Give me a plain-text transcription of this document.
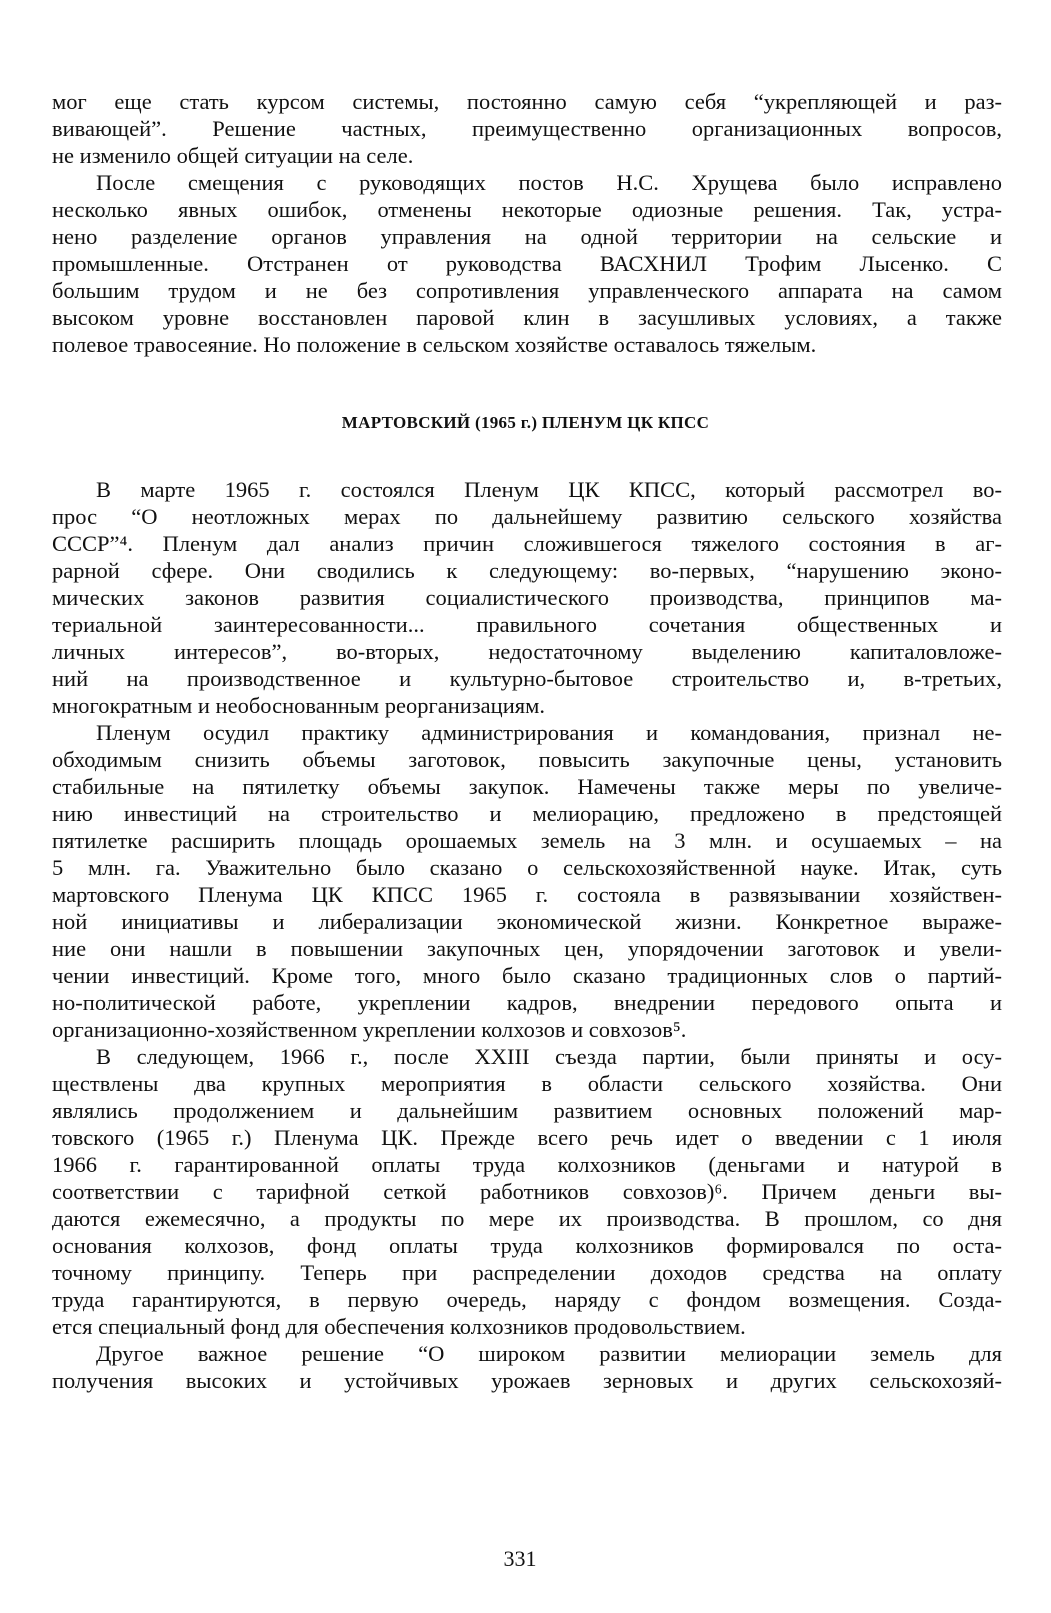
мог еще стать курсом системы, постоянно самую себя “укрепляющей и раз-
вивающей”. Решение частных, преимущественно организационных вопросов,
не изменило общей ситуации на селе.
После смещения с руководящих постов Н.С. Хрущева было исправлено
несколько явных ошибок, отменены некоторые одиозные решения. Так, устра-
нено разделение органов управления на одной территории на сельские и
промышленные. Отстранен от руководства ВАСХНИЛ Трофим Лысенко. С
большим трудом и не без сопротивления управленческого аппарата на самом
высоком уровне восстановлен паровой клин в засушливых условиях, а также
полевое травосеяние. Но положение в сельском хозяйстве оставалось тяжелым.
МАРТОВСКИЙ (1965 г.) ПЛЕНУМ ЦК КПСС
В марте 1965 г. состоялся Пленум ЦК КПСС, который рассмотрел во-
прос “О неотложных мерах по дальнейшему развитию сельского хозяйства
СССР”⁴. Пленум дал анализ причин сложившегося тяжелого состояния в аг-
рарной сфере. Они сводились к следующему: во-первых, “нарушению эконо-
мических законов развития социалистического производства, принципов ма-
териальной заинтересованности... правильного сочетания общественных и
личных интересов”, во-вторых, недостаточному выделению капиталовложе-
ний на производственное и культурно-бытовое строительство и, в-третьих,
многократным и необоснованным реорганизациям.
Пленум осудил практику администрирования и командования, признал не-
обходимым снизить объемы заготовок, повысить закупочные цены, установить
стабильные на пятилетку объемы закупок. Намечены также меры по увеличе-
нию инвестиций на строительство и мелиорацию, предложено в предстоящей
пятилетке расширить площадь орошаемых земель на 3 млн. и осушаемых – на
5 млн. га. Уважительно было сказано о сельскохозяйственной науке. Итак, суть
мартовского Пленума ЦК КПСС 1965 г. состояла в развязывании хозяйствен-
ной инициативы и либерализации экономической жизни. Конкретное выраже-
ние они нашли в повышении закупочных цен, упорядочении заготовок и увели-
чении инвестиций. Кроме того, много было сказано традиционных слов о партий-
но-политической работе, укреплении кадров, внедрении передового опыта и
организационно-хозяйственном укреплении колхозов и совхозов⁵.
В следующем, 1966 г., после XXIII съезда партии, были приняты и осу-
ществлены два крупных мероприятия в области сельского хозяйства. Они
являлись продолжением и дальнейшим развитием основных положений мар-
товского (1965 г.) Пленума ЦК. Прежде всего речь идет о введении с 1 июля
1966 г. гарантированной оплаты труда колхозников (деньгами и натурой в
соответствии с тарифной сеткой работников совхозов)⁶. Причем деньги вы-
даются ежемесячно, а продукты по мере их производства. В прошлом, со дня
основания колхозов, фонд оплаты труда колхозников формировался по оста-
точному принципу. Теперь при распределении доходов средства на оплату
труда гарантируются, в первую очередь, наряду с фондом возмещения. Созда-
ется специальный фонд для обеспечения колхозников продовольствием.
Другое важное решение “О широком развитии мелиорации земель для
получения высоких и устойчивых урожаев зерновых и других сельскохозяй-
331
